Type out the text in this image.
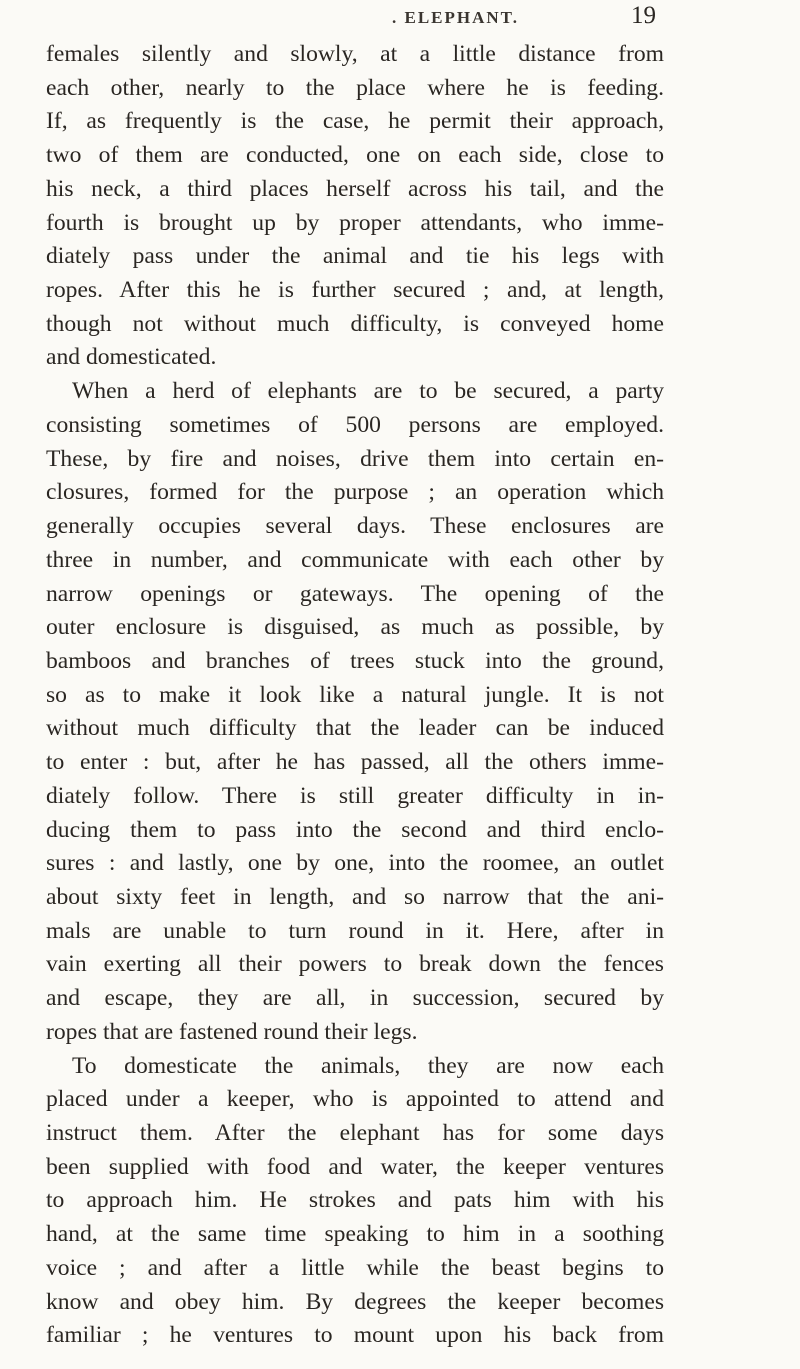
. ELEPHANT.	19
females silently and slowly, at a little distance from
each other, nearly to the place where he is feeding.
If, as frequently is the case, he permit their approach,
two of them are conducted, one on each side, close to
his neck, a third places herself across his tail, and the
fourth is brought up by proper attendants, who imme-
diately pass under the animal and tie his legs with
ropes. After this he is further secured ; and, at length,
though not without much difficulty, is conveyed home
and domesticated.
When a herd of elephants are to be secured, a party
consisting sometimes of 500 persons are employed.
These, by fire and noises, drive them into certain en-
closures, formed for the purpose ; an operation which
generally occupies several days. These enclosures are
three in number, and communicate with each other by
narrow openings or gateways. The opening of the
outer enclosure is disguised, as much as possible, by
bamboos and branches of trees stuck into the ground,
so as to make it look like a natural jungle. It is not
without much difficulty that the leader can be induced
to enter : but, after he has passed, all the others imme-
diately follow. There is still greater difficulty in in-
ducing them to pass into the second and third enclo-
sures : and lastly, one by one, into the roomee, an outlet
about sixty feet in length, and so narrow that the ani-
mals are unable to turn round in it. Here, after in
vain exerting all their powers to break down the fences
and escape, they are all, in succession, secured by
ropes that are fastened round their legs.
To domesticate the animals, they are now each
placed under a keeper, who is appointed to attend and
instruct them. After the elephant has for some days
been supplied with food and water, the keeper ventures
to approach him. He strokes and pats him with his
hand, at the same time speaking to him in a soothing
voice ; and after a little while the beast begins to
know and obey him. By degrees the keeper becomes
familiar ; he ventures to mount upon his back from
